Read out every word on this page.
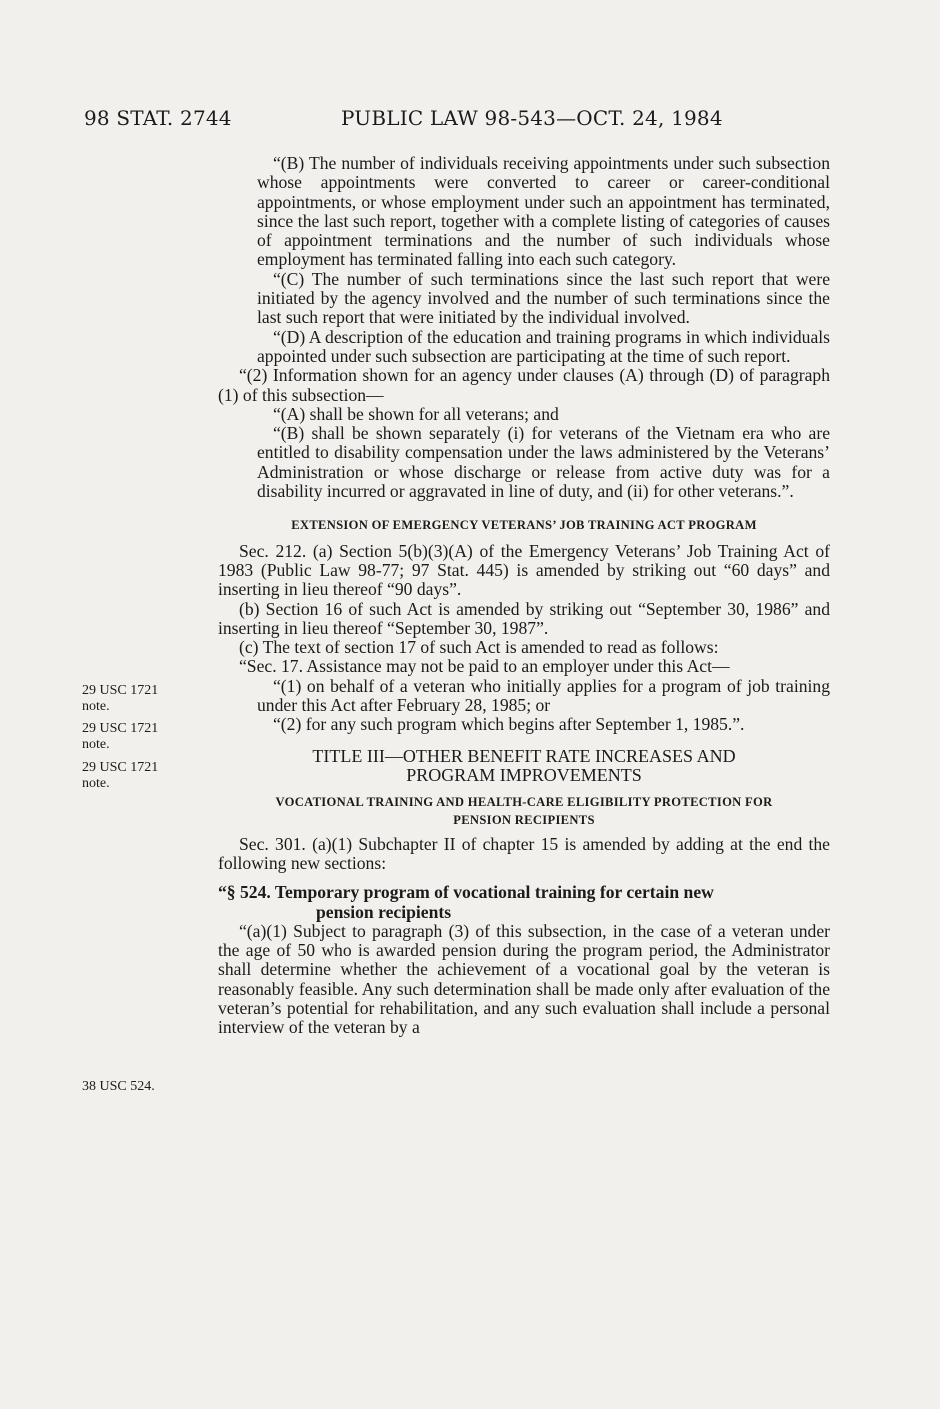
98 STAT. 2744	PUBLIC LAW 98-543—OCT. 24, 1984
29 USC 1721
note.
29 USC 1721
note.
29 USC 1721
note.
38 USC 524.

“(B) The number of individuals receiving appointments under such subsection whose appointments were converted to career or career-conditional appointments, or whose employment under such an appointment has terminated, since the last such report, together with a complete listing of categories of causes of appointment terminations and the number of such individuals whose employment has terminated falling into each such category.

“(C) The number of such terminations since the last such report that were initiated by the agency involved and the number of such terminations since the last such report that were initiated by the individual involved.

“(D) A description of the education and training programs in which individuals appointed under such subsection are participating at the time of such report.

“(2) Information shown for an agency under clauses (A) through (D) of paragraph (1) of this subsection—

“(A) shall be shown for all veterans; and

“(B) shall be shown separately (i) for veterans of the Vietnam era who are entitled to disability compensation under the laws administered by the Veterans’ Administration or whose discharge or release from active duty was for a disability incurred or aggravated in line of duty, and (ii) for other veterans.”.

EXTENSION OF EMERGENCY VETERANS’ JOB TRAINING ACT PROGRAM

Sec. 212. (a) Section 5(b)(3)(A) of the Emergency Veterans’ Job Training Act of 1983 (Public Law 98-77; 97 Stat. 445) is amended by striking out “60 days” and inserting in lieu thereof “90 days”.

(b) Section 16 of such Act is amended by striking out “September 30, 1986” and inserting in lieu thereof “September 30, 1987”.

(c) The text of section 17 of such Act is amended to read as follows:

“Sec. 17. Assistance may not be paid to an employer under this Act—

“(1) on behalf of a veteran who initially applies for a program of job training under this Act after February 28, 1985; or

“(2) for any such program which begins after September 1, 1985.”.

TITLE III—OTHER BENEFIT RATE INCREASES AND
PROGRAM IMPROVEMENTS
VOCATIONAL TRAINING AND HEALTH-CARE ELIGIBILITY PROTECTION FOR
PENSION RECIPIENTS

Sec. 301. (a)(1) Subchapter II of chapter 15 is amended by adding at the end the following new sections:

“§ 524. Temporary program of vocational training for certain new
pension recipients

“(a)(1) Subject to paragraph (3) of this subsection, in the case of a veteran under the age of 50 who is awarded pension during the program period, the Administrator shall determine whether the achievement of a vocational goal by the veteran is reasonably feasible. Any such determination shall be made only after evaluation of the veteran’s potential for rehabilitation, and any such evaluation shall include a personal interview of the veteran by a
